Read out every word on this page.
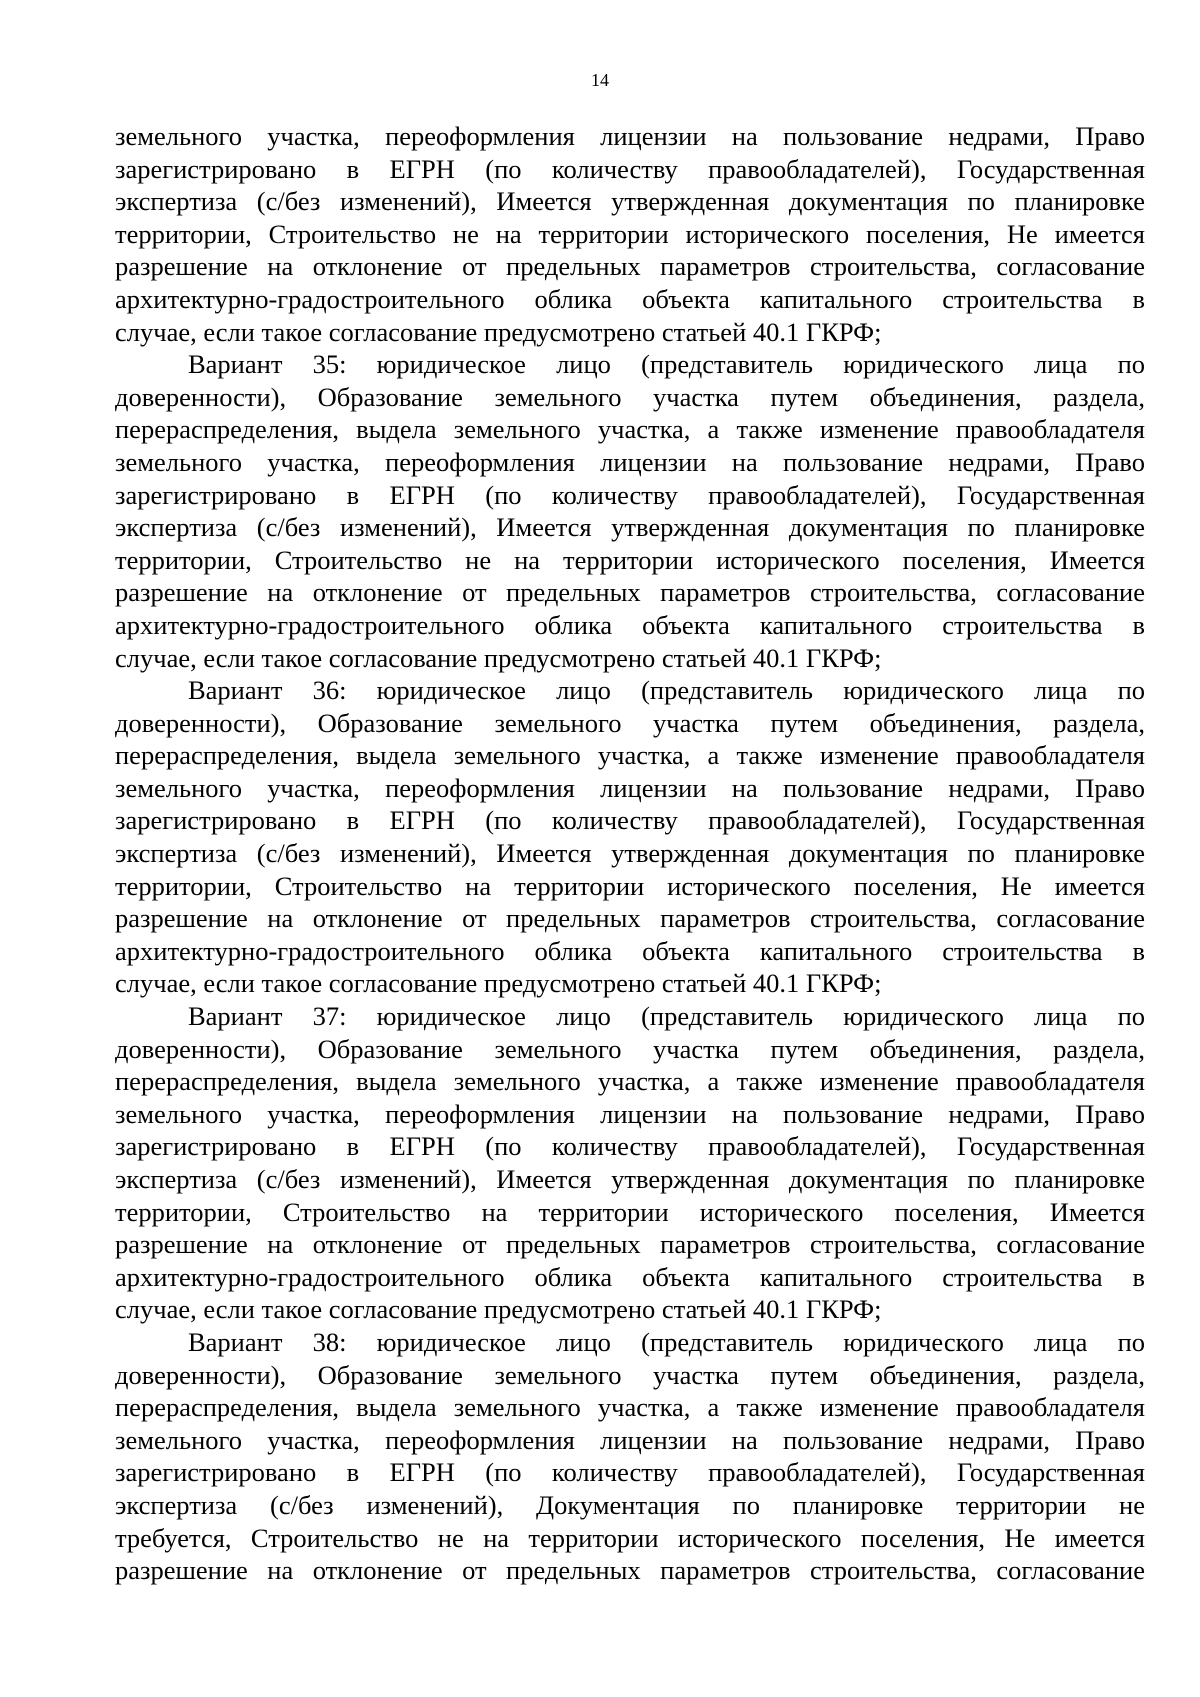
14
земельного участка, переоформления лицензии на пользование недрами, Право
зарегистрировано в ЕГРН (по количеству правообладателей), Государственная
экспертиза (с/без изменений), Имеется утвержденная документация по планировке
территории, Строительство не на территории исторического поселения, Не имеется
разрешение на отклонение от предельных параметров строительства, согласование
архитектурно-градостроительного облика объекта капитального строительства в
случае, если такое согласование предусмотрено статьей 40.1 ГКРФ;
Вариант 35: юридическое лицо (представитель юридического лица по
доверенности), Образование земельного участка путем объединения, раздела,
перераспределения, выдела земельного участка, а также изменение правообладателя
земельного участка, переоформления лицензии на пользование недрами, Право
зарегистрировано в ЕГРН (по количеству правообладателей), Государственная
экспертиза (с/без изменений), Имеется утвержденная документация по планировке
территории, Строительство не на территории исторического поселения, Имеется
разрешение на отклонение от предельных параметров строительства, согласование
архитектурно-градостроительного облика объекта капитального строительства в
случае, если такое согласование предусмотрено статьей 40.1 ГКРФ;
Вариант 36: юридическое лицо (представитель юридического лица по
доверенности), Образование земельного участка путем объединения, раздела,
перераспределения, выдела земельного участка, а также изменение правообладателя
земельного участка, переоформления лицензии на пользование недрами, Право
зарегистрировано в ЕГРН (по количеству правообладателей), Государственная
экспертиза (с/без изменений), Имеется утвержденная документация по планировке
территории, Строительство на территории исторического поселения, Не имеется
разрешение на отклонение от предельных параметров строительства, согласование
архитектурно-градостроительного облика объекта капитального строительства в
случае, если такое согласование предусмотрено статьей 40.1 ГКРФ;
Вариант 37: юридическое лицо (представитель юридического лица по
доверенности), Образование земельного участка путем объединения, раздела,
перераспределения, выдела земельного участка, а также изменение правообладателя
земельного участка, переоформления лицензии на пользование недрами, Право
зарегистрировано в ЕГРН (по количеству правообладателей), Государственная
экспертиза (с/без изменений), Имеется утвержденная документация по планировке
территории, Строительство на территории исторического поселения, Имеется
разрешение на отклонение от предельных параметров строительства, согласование
архитектурно-градостроительного облика объекта капитального строительства в
случае, если такое согласование предусмотрено статьей 40.1 ГКРФ;
Вариант 38: юридическое лицо (представитель юридического лица по
доверенности), Образование земельного участка путем объединения, раздела,
перераспределения, выдела земельного участка, а также изменение правообладателя
земельного участка, переоформления лицензии на пользование недрами, Право
зарегистрировано в ЕГРН (по количеству правообладателей), Государственная
экспертиза (с/без изменений), Документация по планировке территории не
требуется, Строительство не на территории исторического поселения, Не имеется
разрешение на отклонение от предельных параметров строительства, согласование
